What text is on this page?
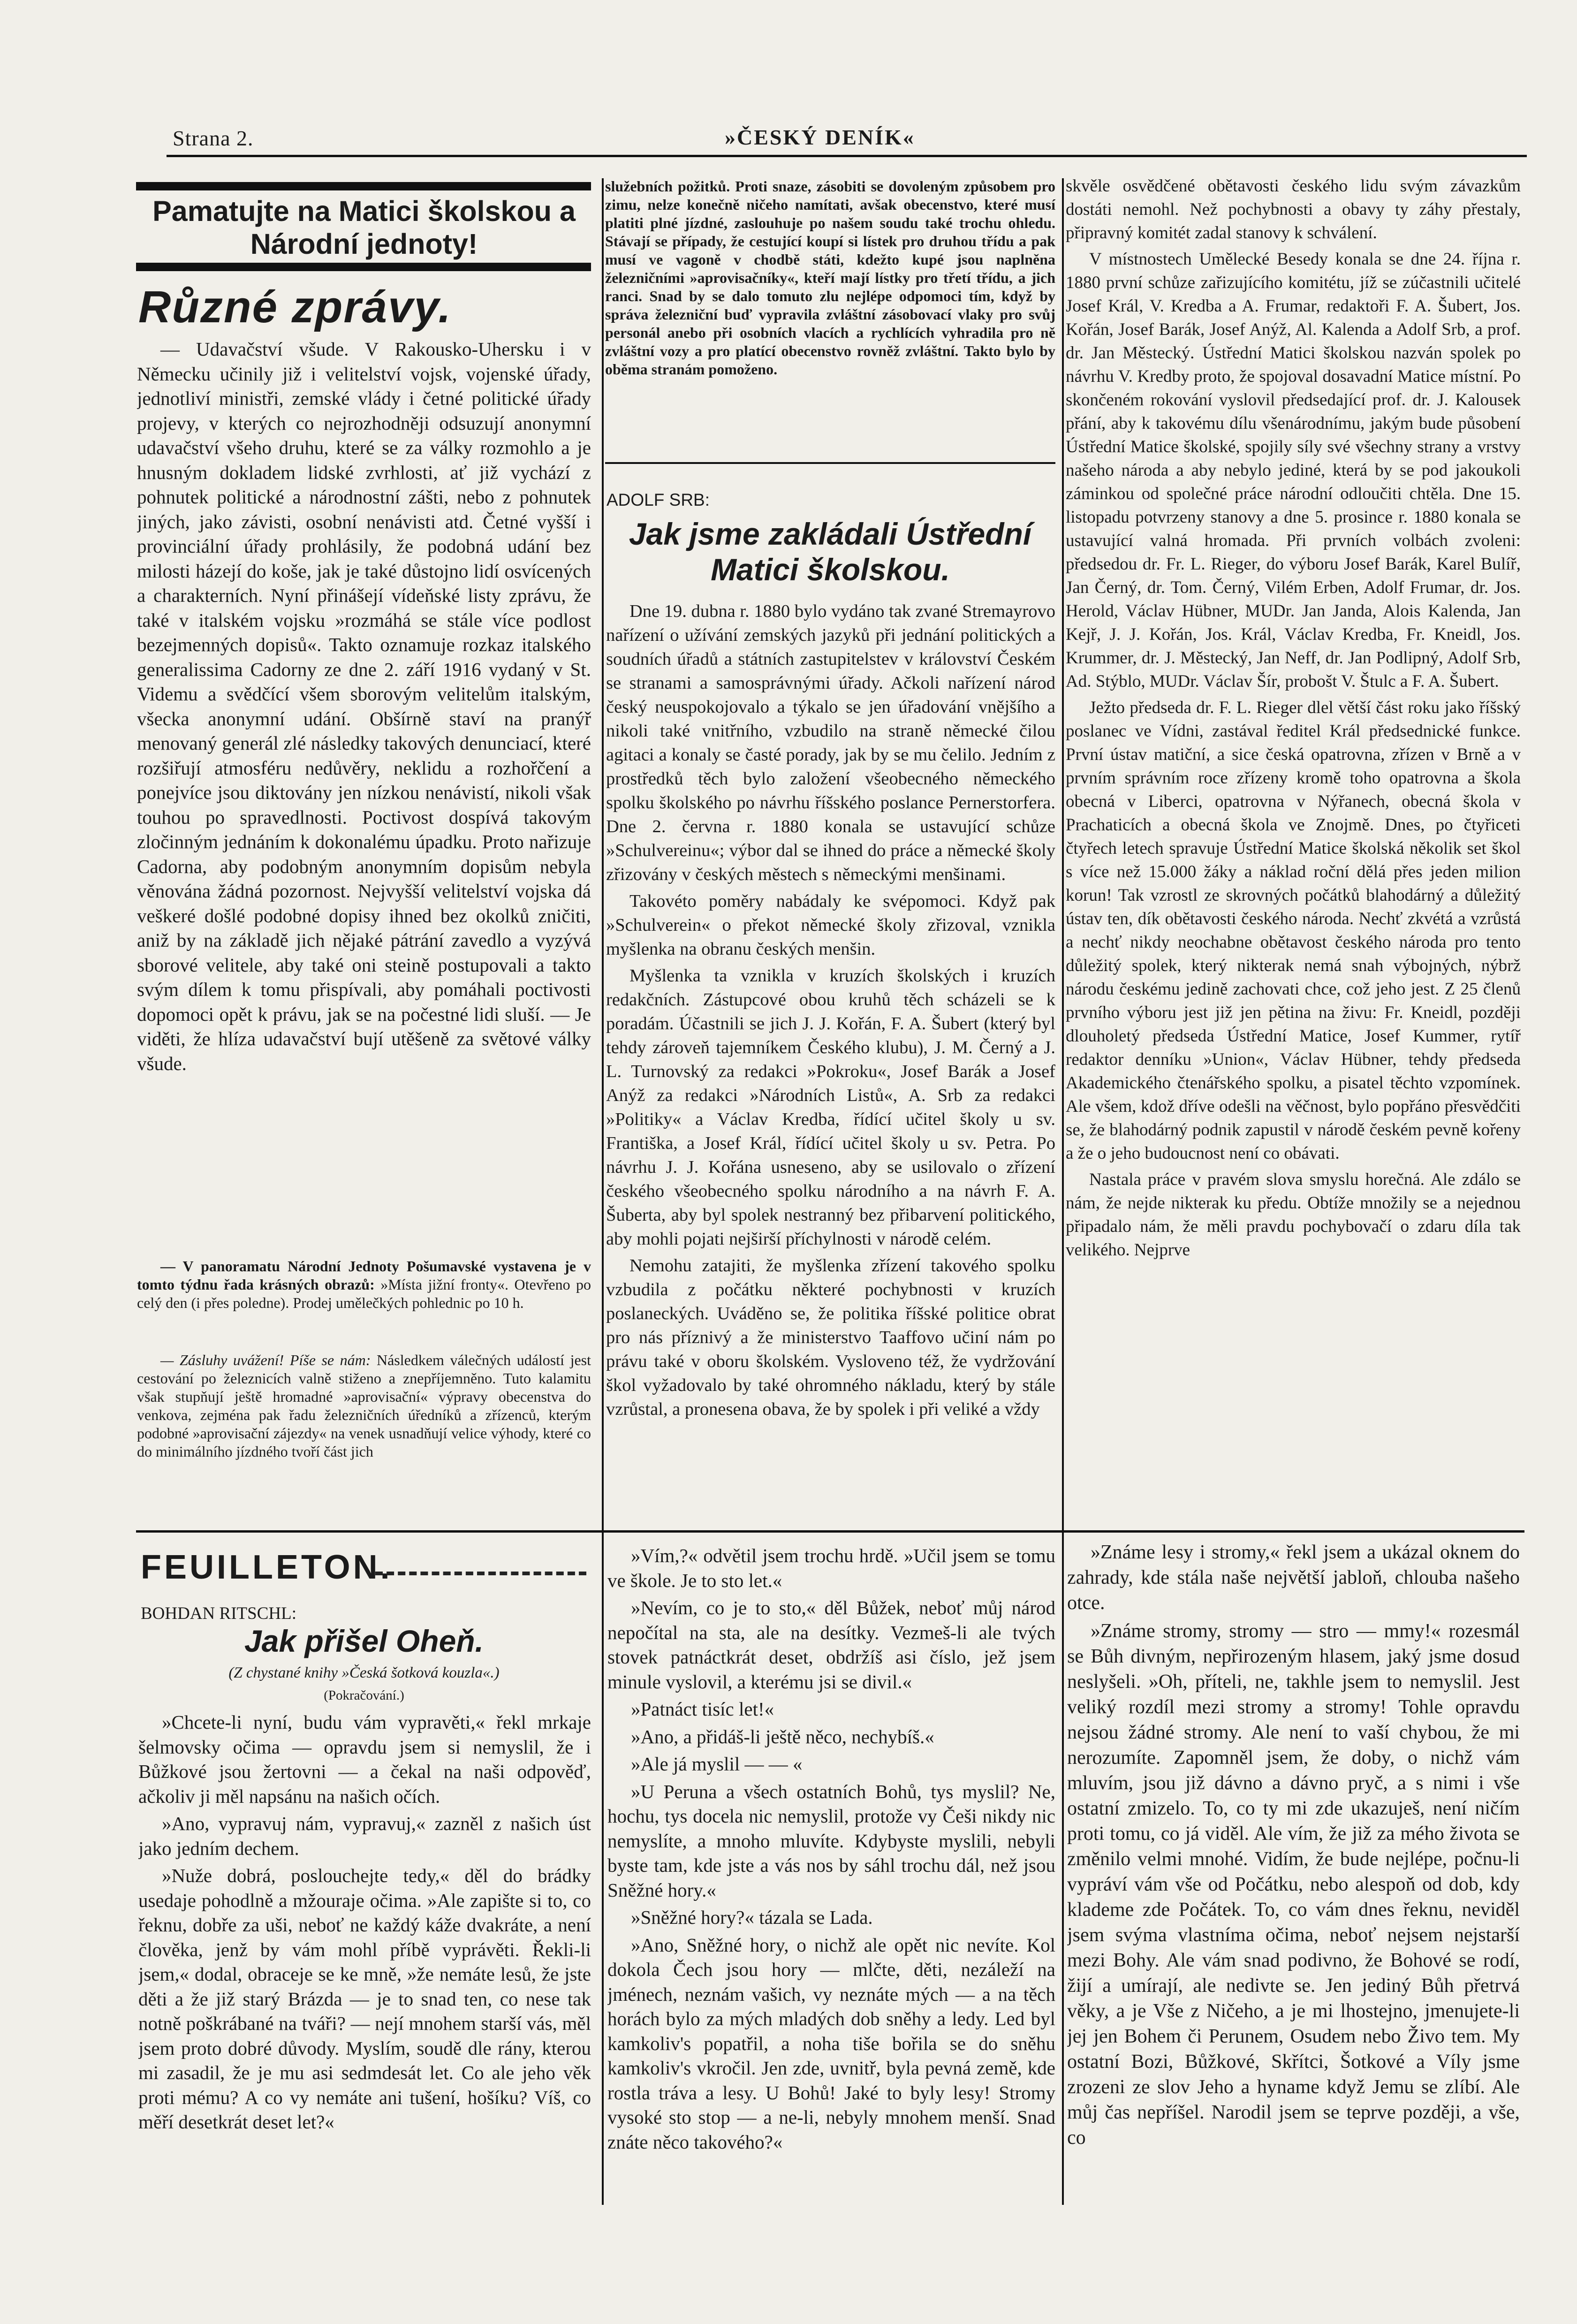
Strana 2.	»ČESKÝ DENÍK«
Pamatujte na Matici školskou a Národní jednoty!
Různé zprávy.

— Udavačství všude. V Rakousko-Uhersku i v Německu učinily již i velitelství vojsk, vojenské úřady, jednotliví ministři, zemské vlády i četné politické úřady projevy, v kterých co nejrozhodněji odsuzují anonymní udavačství všeho druhu, které se za války rozmohlo a je hnusným dokladem lidské zvrhlosti, ať již vychází z pohnutek politické a národnostní zášti, nebo z pohnutek jiných, jako závisti, osobní nenávisti atd. Četné vyšší i provinciální úřady prohlásily, že podobná udání bez milosti házejí do koše, jak je také důstojno lidí osvícených a charakterních. Nyní přinášejí vídeňské listy zprávu, že také v italském vojsku »rozmáhá se stále více podlost bezejmenných dopisů«. Takto oznamuje rozkaz italského generalissima Cadorny ze dne 2. září 1916 vydaný v St. Videmu a svědčící všem sborovým velitelům italským, všecka anonymní udání. Obšírně staví na pranýř menovaný generál zlé následky takových denunciací, které rozšiřují atmosféru nedůvěry, neklidu a rozhořčení a ponejvíce jsou diktovány jen nízkou nenávistí, nikoli však touhou po spravedlnosti. Poctivost dospívá takovým zločinným jednáním k dokonalému úpadku. Proto nařizuje Cadorna, aby podobným anonymním dopisům nebyla věnována žádná pozornost. Nejvyšší velitelství vojska dá veškeré došlé podobné dopisy ihned bez okolků zničiti, aniž by na základě jich nějaké pátrání zavedlo a vyzývá sborové velitele, aby také oni steině postupovali a takto svým dílem k tomu přispívali, aby pomáhali poctivosti dopomoci opět k právu, jak se na počestné lidi sluší. — Je viděti, že hlíza udavačství bují utěšeně za světové války všude.

— V panoramatu Národní Jednoty Pošumavské vystavena je v tomto týdnu řada krásných obrazů: »Místa jižní fronty«. Otevřeno po celý den (i přes poledne). Prodej umělečkých pohlednic po 10 h.

— Zásluhy uvážení! Píše se nám: Následkem válečných událostí jest cestování po železnicích valně stiženo a znepříjemněno. Tuto kalamitu však stupňují ještě hromadné »aprovisační« výpravy obecenstva do venkova, zejména pak řadu železničních úředníků a zřízenců, kterým podobné »aprovisační zájezdy« na venek usnadňují velice výhody, které co do minimálního jízdného tvoří část jich

služebních požitků. Proti snaze, zásobiti se dovoleným způsobem pro zimu, nelze konečně ničeho namítati, avšak obecenstvo, které musí platiti plné jízdné, zaslouhuje po našem soudu také trochu ohledu. Stávají se případy, že cestující koupí si lístek pro druhou třídu a pak musí ve vagoně v chodbě státi, kdežto kupé jsou naplněna železničními »aprovisačníky«, kteří mají lístky pro třetí třídu, a jich ranci. Snad by se dalo tomuto zlu nejlépe odpomoci tím, když by správa železniční buď vypravila zvláštní zásobovací vlaky pro svůj personál anebo při osobních vlacích a rychlících vyhradila pro ně zvláštní vozy a pro platící obecenstvo rovněž zvláštní. Takto bylo by oběma stranám pomoženo.

ADOLF SRB:
Jak jsme zakládali Ústřední Matici školskou.

Dne 19. dubna r. 1880 bylo vydáno tak zvané Stremayrovo nařízení o užívání zemských jazyků při jednání politických a soudních úřadů a státních zastupitelstev v království Českém se stranami a samosprávnými úřady. Ačkoli nařízení národ český neuspokojovalo a týkalo se jen úřadování vnějšího a nikoli také vnitřního, vzbudilo na straně německé čilou agitaci a konaly se časté porady, jak by se mu čelilo. Jedním z prostředků těch bylo založení všeobecného německého spolku školského po návrhu říšského poslance Pernerstorfera. Dne 2. června r. 1880 konala se ustavující schůze »Schulvereinu«; výbor dal se ihned do práce a německé školy zřizovány v českých městech s německými menšinami.

Takovéto poměry nabádaly ke svépomoci. Když pak »Schulverein« o překot německé školy zřizoval, vznikla myšlenka na obranu českých menšin.

Myšlenka ta vznikla v kruzích školských i kruzích redakčních. Zástupcové obou kruhů těch scházeli se k poradám. Účastnili se jich J. J. Kořán, F. A. Šubert (který byl tehdy zároveň tajemníkem Českého klubu), J. M. Černý a J. L. Turnovský za redakci »Pokroku«, Josef Barák a Josef Anýž za redakci »Národních Listů«, A. Srb za redakci »Politiky« a Václav Kredba, řídící učitel školy u sv. Františka, a Josef Král, řídící učitel školy u sv. Petra. Po návrhu J. J. Kořána usneseno, aby se usilovalo o zřízení českého všeobecného spolku národního a na návrh F. A. Šuberta, aby byl spolek nestranný bez přibarvení politického, aby mohli pojati nejširší příchylnosti v národě celém.

Nemohu zatajiti, že myšlenka zřízení takového spolku vzbudila z počátku některé pochybnosti v kruzích poslaneckých. Uváděno se, že politika říšské politice obrat pro nás příznivý a že ministerstvo Taaffovo učiní nám po právu také v oboru školském. Vysloveno též, že vydržování škol vyžadovalo by také ohromného nákladu, který by stále vzrůstal, a pronesena obava, že by spolek i při veliké a vždy

skvěle osvědčené obětavosti českého lidu svým závazkům dostáti nemohl. Než pochybnosti a obavy ty záhy přestaly, připravný komitét zadal stanovy k schválení.

V místnostech Umělecké Besedy konala se dne 24. října r. 1880 první schůze zařizujícího komitétu, jíž se zúčastnili učitelé Josef Král, V. Kredba a A. Frumar, redaktoři F. A. Šubert, Jos. Kořán, Josef Barák, Josef Anýž, Al. Kalenda a Adolf Srb, a prof. dr. Jan Městecký. Ústřední Matici školskou nazván spolek po návrhu V. Kredby proto, že spojoval dosavadní Matice místní. Po skončeném rokování vyslovil předsedající prof. dr. J. Kalousek přání, aby k takovému dílu všenárodnímu, jakým bude působení Ústřední Matice školské, spojily síly své všechny strany a vrstvy našeho národa a aby nebylo jediné, která by se pod jakoukoli záminkou od společné práce národní odloučiti chtěla. Dne 15. listopadu potvrzeny stanovy a dne 5. prosince r. 1880 konala se ustavující valná hromada. Při prvních volbách zvoleni: předsedou dr. Fr. L. Rieger, do výboru Josef Barák, Karel Bulíř, Jan Černý, dr. Tom. Černý, Vilém Erben, Adolf Frumar, dr. Jos. Herold, Václav Hübner, MUDr. Jan Janda, Alois Kalenda, Jan Kejř, J. J. Kořán, Jos. Král, Václav Kredba, Fr. Kneidl, Jos. Krummer, dr. J. Městecký, Jan Neff, dr. Jan Podlipný, Adolf Srb, Ad. Stýblo, MUDr. Václav Šír, probošt V. Štulc a F. A. Šubert.

Ježto předseda dr. F. L. Rieger dlel větší část roku jako říšský poslanec ve Vídni, zastával ředitel Král předsednické funkce. První ústav matiční, a sice česká opatrovna, zřízen v Brně a v prvním správním roce zřízeny kromě toho opatrovna a škola obecná v Liberci, opatrovna v Nýřanech, obecná škola v Prachaticích a obecná škola ve Znojmě. Dnes, po čtyřiceti čtyřech letech spravuje Ústřední Matice školská několik set škol s více než 15.000 žáky a náklad roční dělá přes jeden milion korun! Tak vzrostl ze skrovných počátků blahodárný a důležitý ústav ten, dík obětavosti českého národa. Nechť zkvétá a vzrůstá a nechť nikdy neochabne obětavost českého národa pro tento důležitý spolek, který nikterak nemá snah výbojných, nýbrž národu českému jedině zachovati chce, což jeho jest. Z 25 členů prvního výboru jest již jen pětina na živu: Fr. Kneidl, později dlouholetý předseda Ústřední Matice, Josef Kummer, rytíř redaktor denníku »Union«, Václav Hübner, tehdy předseda Akademického čtenářského spolku, a pisatel těchto vzpomínek. Ale všem, kdož dříve odešli na věčnost, bylo popřáno přesvědčiti se, že blahodárný podnik zapustil v národě českém pevně kořeny a že o jeho budoucnost není co obávati.

Nastala práce v pravém slova smyslu horečná. Ale zdálo se nám, že nejde nikterak ku předu. Obtíže množily se a nejednou připadalo nám, že měli pravdu pochybovačí o zdaru díla tak velikého. Nejprve

FEUILLETON.
BOHDAN RITSCHL:
Jak přišel Oheň.
(Z chystané knihy »Česká šotková kouzla«.)
(Pokračování.)

»Chcete-li nyní, budu vám vypravěti,« řekl mrkaje šelmovsky očima — opravdu jsem si nemyslil, že i Bůžkové jsou žertovni — a čekal na naši odpověď, ačkoliv ji měl napsánu na našich očích.

»Ano, vypravuj nám, vypravuj,« zazněl z našich úst jako jedním dechem.

»Nuže dobrá, poslouchejte tedy,« děl do brádky usedaje pohodlně a mžouraje očima. »Ale zapište si to, co řeknu, dobře za uši, neboť ne každý káže dvakráte, a není člověka, jenž by vám mohl příbě vyprávěti. Řekli-li jsem,« dodal, obraceje se ke mně, »že nemáte lesů, že jste děti a že již starý Brázda — je to snad ten, co nese tak notně poškrábané na tváři? — nejí mnohem starší vás, měl jsem proto dobré důvody. Myslím, soudě dle rány, kterou mi zasadil, že je mu asi sedmdesát let. Co ale jeho věk proti mému? A co vy nemáte ani tušení, hošíku? Víš, co měří desetkrát deset let?«

»Vím,?« odvětil jsem trochu hrdě. »Učil jsem se tomu ve škole. Je to sto let.«

»Nevím, co je to sto,« děl Bůžek, neboť můj národ nepočítal na sta, ale na desítky. Vezmeš-li ale tvých stovek patnáctkrát deset, obdržíš asi číslo, jež jsem minule vyslovil, a kterému jsi se divil.«

»Patnáct tisíc let!«

»Ano, a přidáš-li ještě něco, nechybíš.«

»Ale já myslil — — «

»U Peruna a všech ostatních Bohů, tys myslil? Ne, hochu, tys docela nic nemyslil, protože vy Češi nikdy nic nemyslíte, a mnoho mluvíte. Kdybyste myslili, nebyli byste tam, kde jste a vás nos by sáhl trochu dál, než jsou Sněžné hory.«

»Sněžné hory?« tázala se Lada.

»Ano, Sněžné hory, o nichž ale opět nic nevíte. Kol dokola Čech jsou hory — mlčte, děti, nezáleží na jménech, neznám vašich, vy neznáte mých — a na těch horách bylo za mých mladých dob sněhy a ledy. Led byl kamkoliv's popatřil, a noha tiše bořila se do sněhu kamkoliv's vkročil. Jen zde, uvnitř, byla pevná země, kde rostla tráva a lesy. U Bohů! Jaké to byly lesy! Stromy vysoké sto stop — a ne-li, nebyly mnohem menší. Snad znáte něco takového?«

»Známe lesy i stromy,« řekl jsem a ukázal oknem do zahrady, kde stála naše největší jabloň, chlouba našeho otce.

»Známe stromy, stromy — stro — mmy!« rozesmál se Bůh divným, nepřirozeným hlasem, jaký jsme dosud neslyšeli. »Oh, příteli, ne, takhle jsem to nemyslil. Jest veliký rozdíl mezi stromy a stromy! Tohle opravdu nejsou žádné stromy. Ale není to vaší chybou, že mi nerozumíte. Zapomněl jsem, že doby, o nichž vám mluvím, jsou již dávno a dávno pryč, a s nimi i vše ostatní zmizelo. To, co ty mi zde ukazuješ, není ničím proti tomu, co já viděl. Ale vím, že již za mého života se změnilo velmi mnohé. Vidím, že bude nejlépe, počnu-li vypráví vám vše od Počátku, nebo alespoň od dob, kdy klademe zde Počátek. To, co vám dnes řeknu, neviděl jsem svýma vlastníma očima, neboť nejsem nejstarší mezi Bohy. Ale vám snad podivno, že Bohové se rodí, žijí a umírají, ale nedivte se. Jen jediný Bůh přetrvá věky, a je Vše z Ničeho, a je mi lhostejno, jmenujete-li jej jen Bohem či Perunem, Osudem nebo Živo tem. My ostatní Bozi, Bůžkové, Skřítci, Šotkové a Víly jsme zrozeni ze slov Jeho a hyname když Jemu se zlíbí. Ale můj čas nepříšel. Narodil jsem se teprve později, a vše, co
